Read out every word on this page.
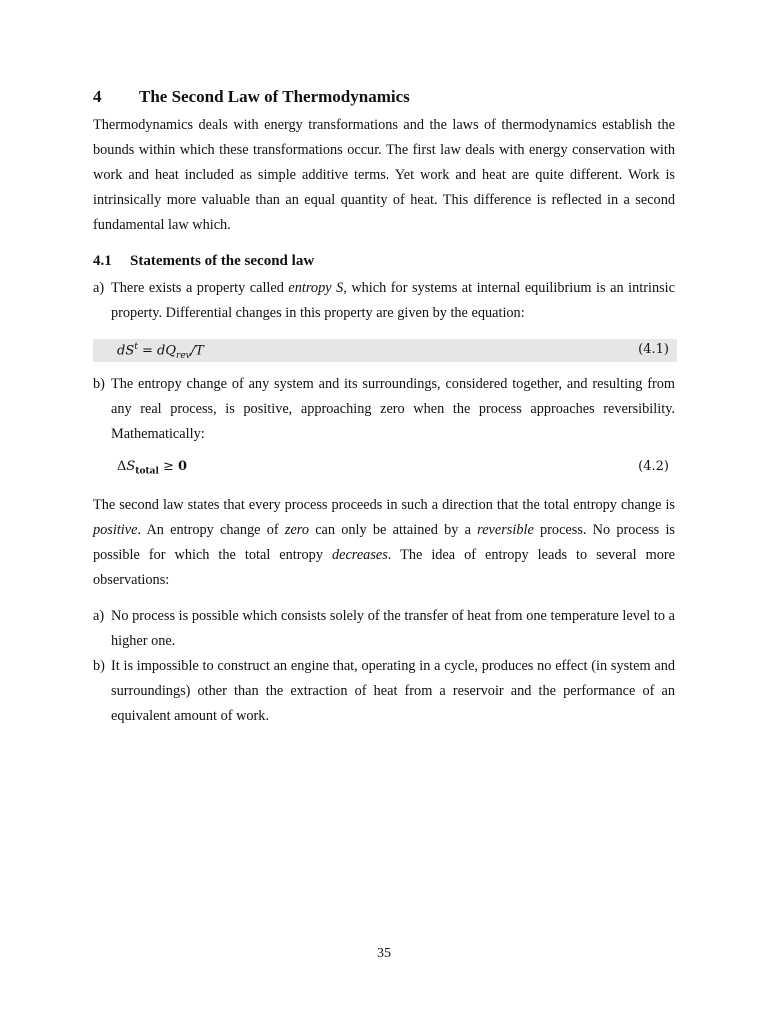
4 The Second Law of Thermodynamics
Thermodynamics deals with energy transformations and the laws of thermodynamics establish the bounds within which these transformations occur. The first law deals with energy conservation with work and heat included as simple additive terms. Yet work and heat are quite different. Work is intrinsically more valuable than an equal quantity of heat. This difference is reflected in a second fundamental law which.
4.1 Statements of the second law
a) There exists a property called entropy S, which for systems at internal equilibrium is an intrinsic property. Differential changes in this property are given by the equation:
$dS^t = dQ_{rev}/T$	(4.1)
b) The entropy change of any system and its surroundings, considered together, and resulting from any real process, is positive, approaching zero when the process approaches reversibility. Mathematically:
$\Delta S_{total} \ge 0$	(4.2)
The second law states that every process proceeds in such a direction that the total entropy change is positive. An entropy change of zero can only be attained by a reversible process. No process is possible for which the total entropy decreases. The idea of entropy leads to several more observations:
a) No process is possible which consists solely of the transfer of heat from one temperature level to a higher one.
b) It is impossible to construct an engine that, operating in a cycle, produces no effect (in system and surroundings) other than the extraction of heat from a reservoir and the performance of an equivalent amount of work.
35
